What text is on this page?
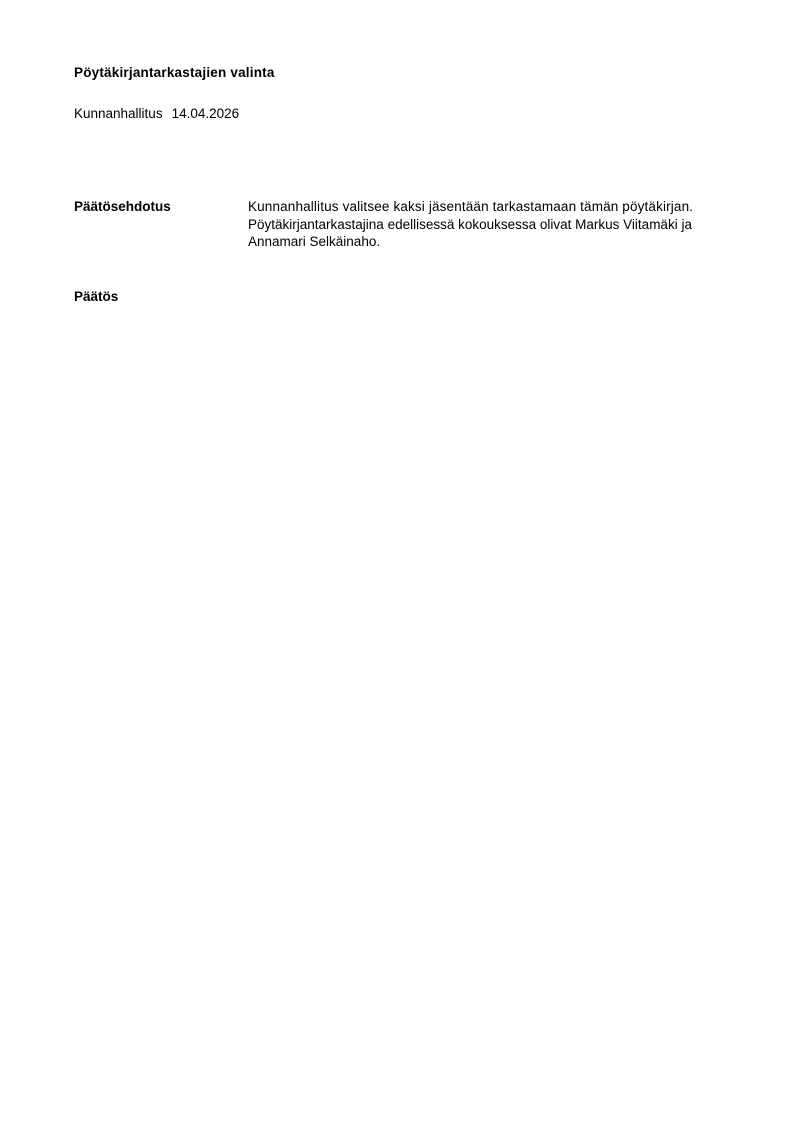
Pöytäkirjantarkastajien valinta
Kunnanhallitus 14.04.2026
Päätösehdotus	Kunnanhallitus valitsee kaksi jäsentään tarkastamaan tämän pöytäkirjan.

Pöytäkirjantarkastajina edellisessä kokouksessa olivat Markus Viitamäki ja Annamari Selkäinaho.

Päätös
